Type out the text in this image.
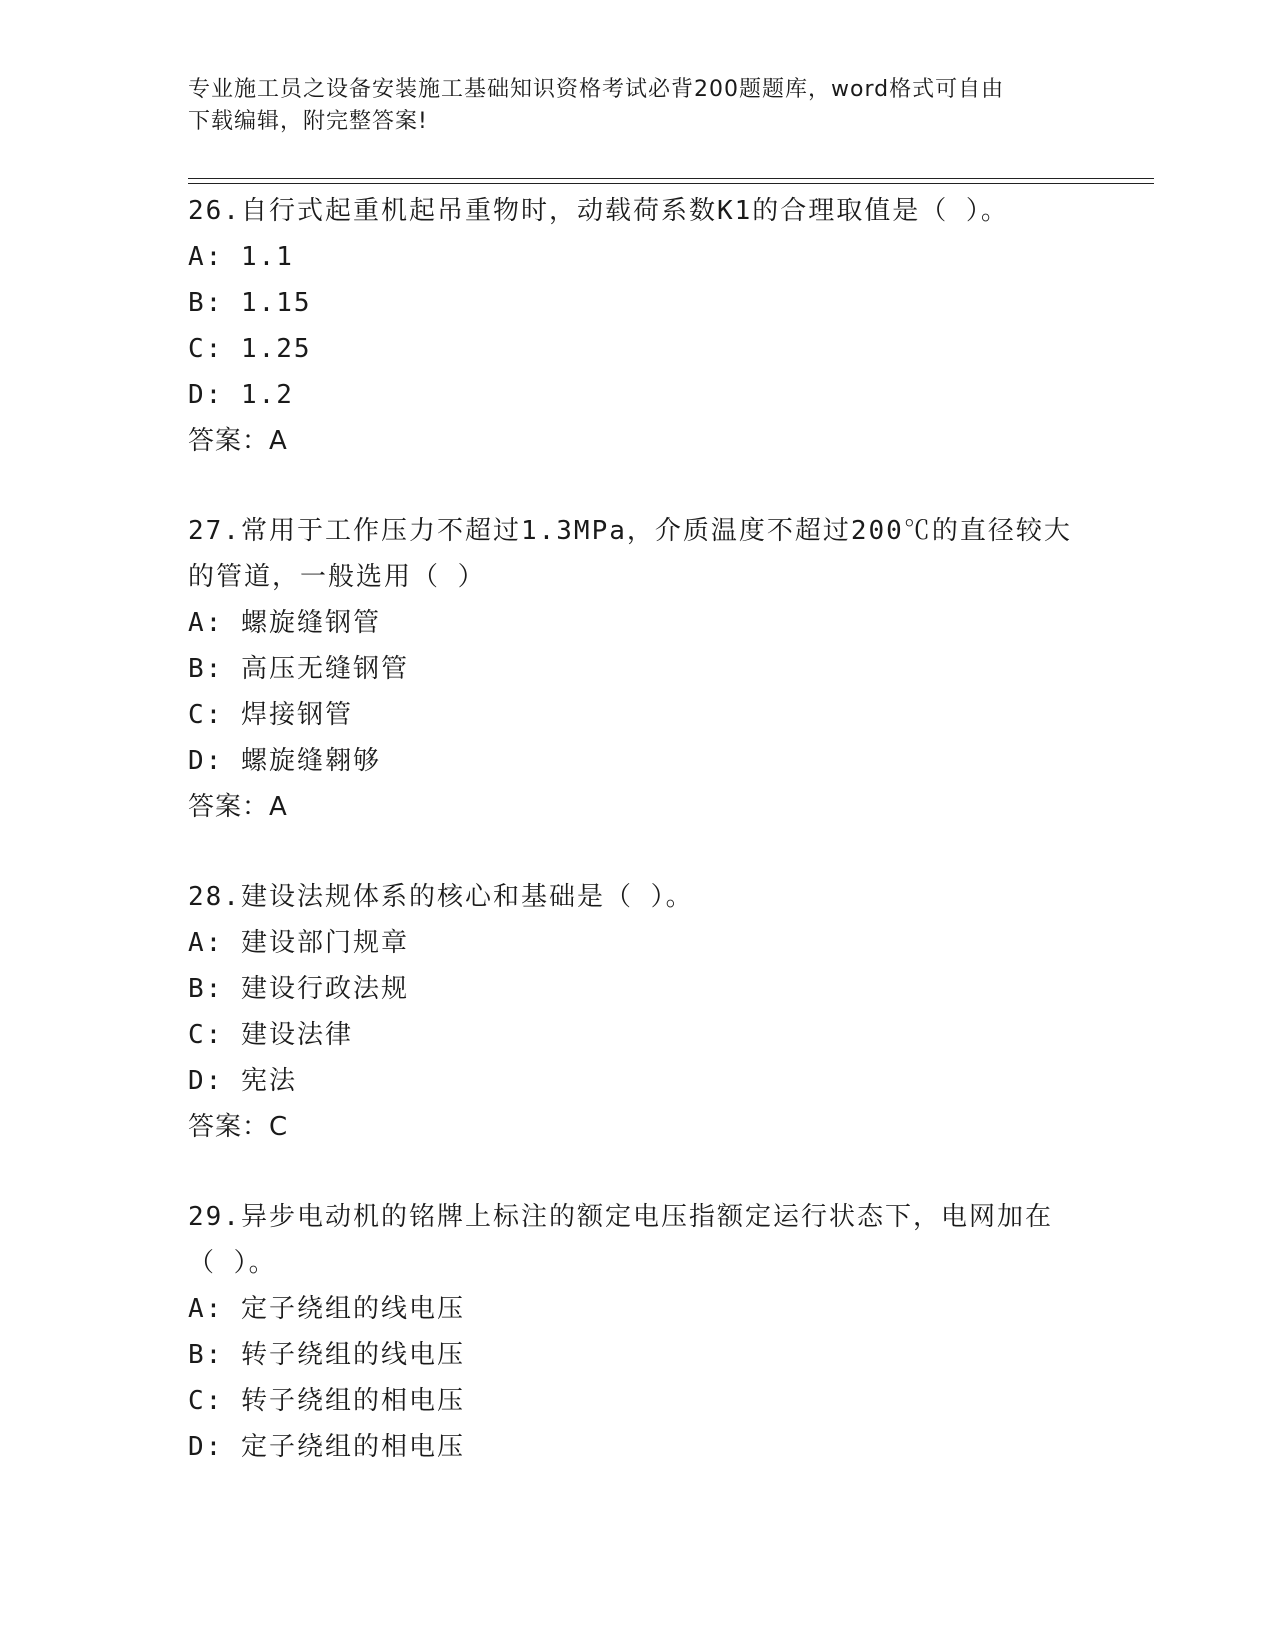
专业施工员之设备安装施工基础知识资格考试必背200题题库，word格式可自由
下载编辑，附完整答案!
26.自行式起重机起吊重物时，动载荷系数K1的合理取值是（ ）。
A: 1.1
B: 1.15
C: 1.25
D: 1.2
答案：A
27.常用于工作压力不超过1.3MPa，介质温度不超过200℃的直径较大
的管道，一般选用（ ）
A: 螺旋缝钢管
B: 高压无缝钢管
C: 焊接钢管
D: 螺旋缝翱够
答案：A
28.建设法规体系的核心和基础是（ ）。
A: 建设部门规章
B: 建设行政法规
C: 建设法律
D: 宪法
答案：C
29.异步电动机的铭牌上标注的额定电压指额定运行状态下，电网加在
（ ）。
A: 定子绕组的线电压
B: 转子绕组的线电压
C: 转子绕组的相电压
D: 定子绕组的相电压
